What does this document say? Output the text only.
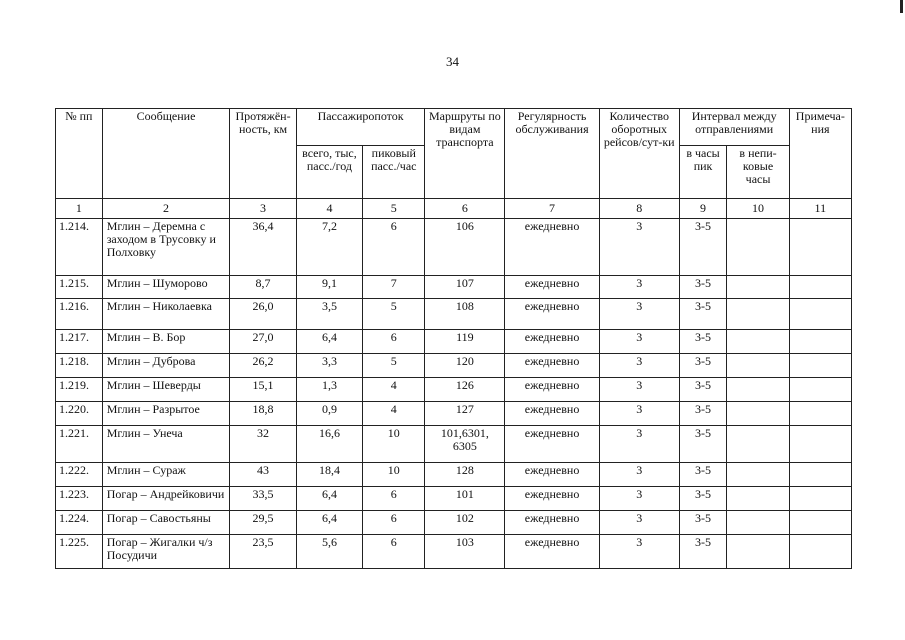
34
№ пп	Сообщение	Протяжён-ность, км	Пассажиропоток		Маршруты по видам транспорта	Регулярность обслуживания	Количество оборотных рейсов/сут-ки	Интервал между отправлениями		Примеча-ния
			всего, тыс, пасс./год	пиковый пасс./час				в часы пик	в непи-ковые часы	
1	2	3	4	5	6	7	8	9	10	11
1.214.	Мглин – Деремна с заходом в Трусовку и Полховку	36,4	7,2	6	106	ежедневно	3	3-5		
1.215.	Мглин – Шуморово	8,7	9,1	7	107	ежедневно	3	3-5		
1.216.	Мглин – Николаевка	26,0	3,5	5	108	ежедневно	3	3-5		
1.217.	Мглин – В. Бор	27,0	6,4	6	119	ежедневно	3	3-5		
1.218.	Мглин – Дуброва	26,2	3,3	5	120	ежедневно	3	3-5		
1.219.	Мглин – Шеверды	15,1	1,3	4	126	ежедневно	3	3-5		
1.220.	Мглин – Разрытое	18,8	0,9	4	127	ежедневно	3	3-5		
1.221.	Мглин – Унеча	32	16,6	10	101,6301, 6305	ежедневно	3	3-5		
1.222.	Мглин – Сураж	43	18,4	10	128	ежедневно	3	3-5		
1.223.	Погар – Андрейковичи	33,5	6,4	6	101	ежедневно	3	3-5		
1.224.	Погар – Савостьяны	29,5	6,4	6	102	ежедневно	3	3-5		
1.225.	Погар – Жигалки ч/з Посудичи	23,5	5,6	6	103	ежедневно	3	3-5		
